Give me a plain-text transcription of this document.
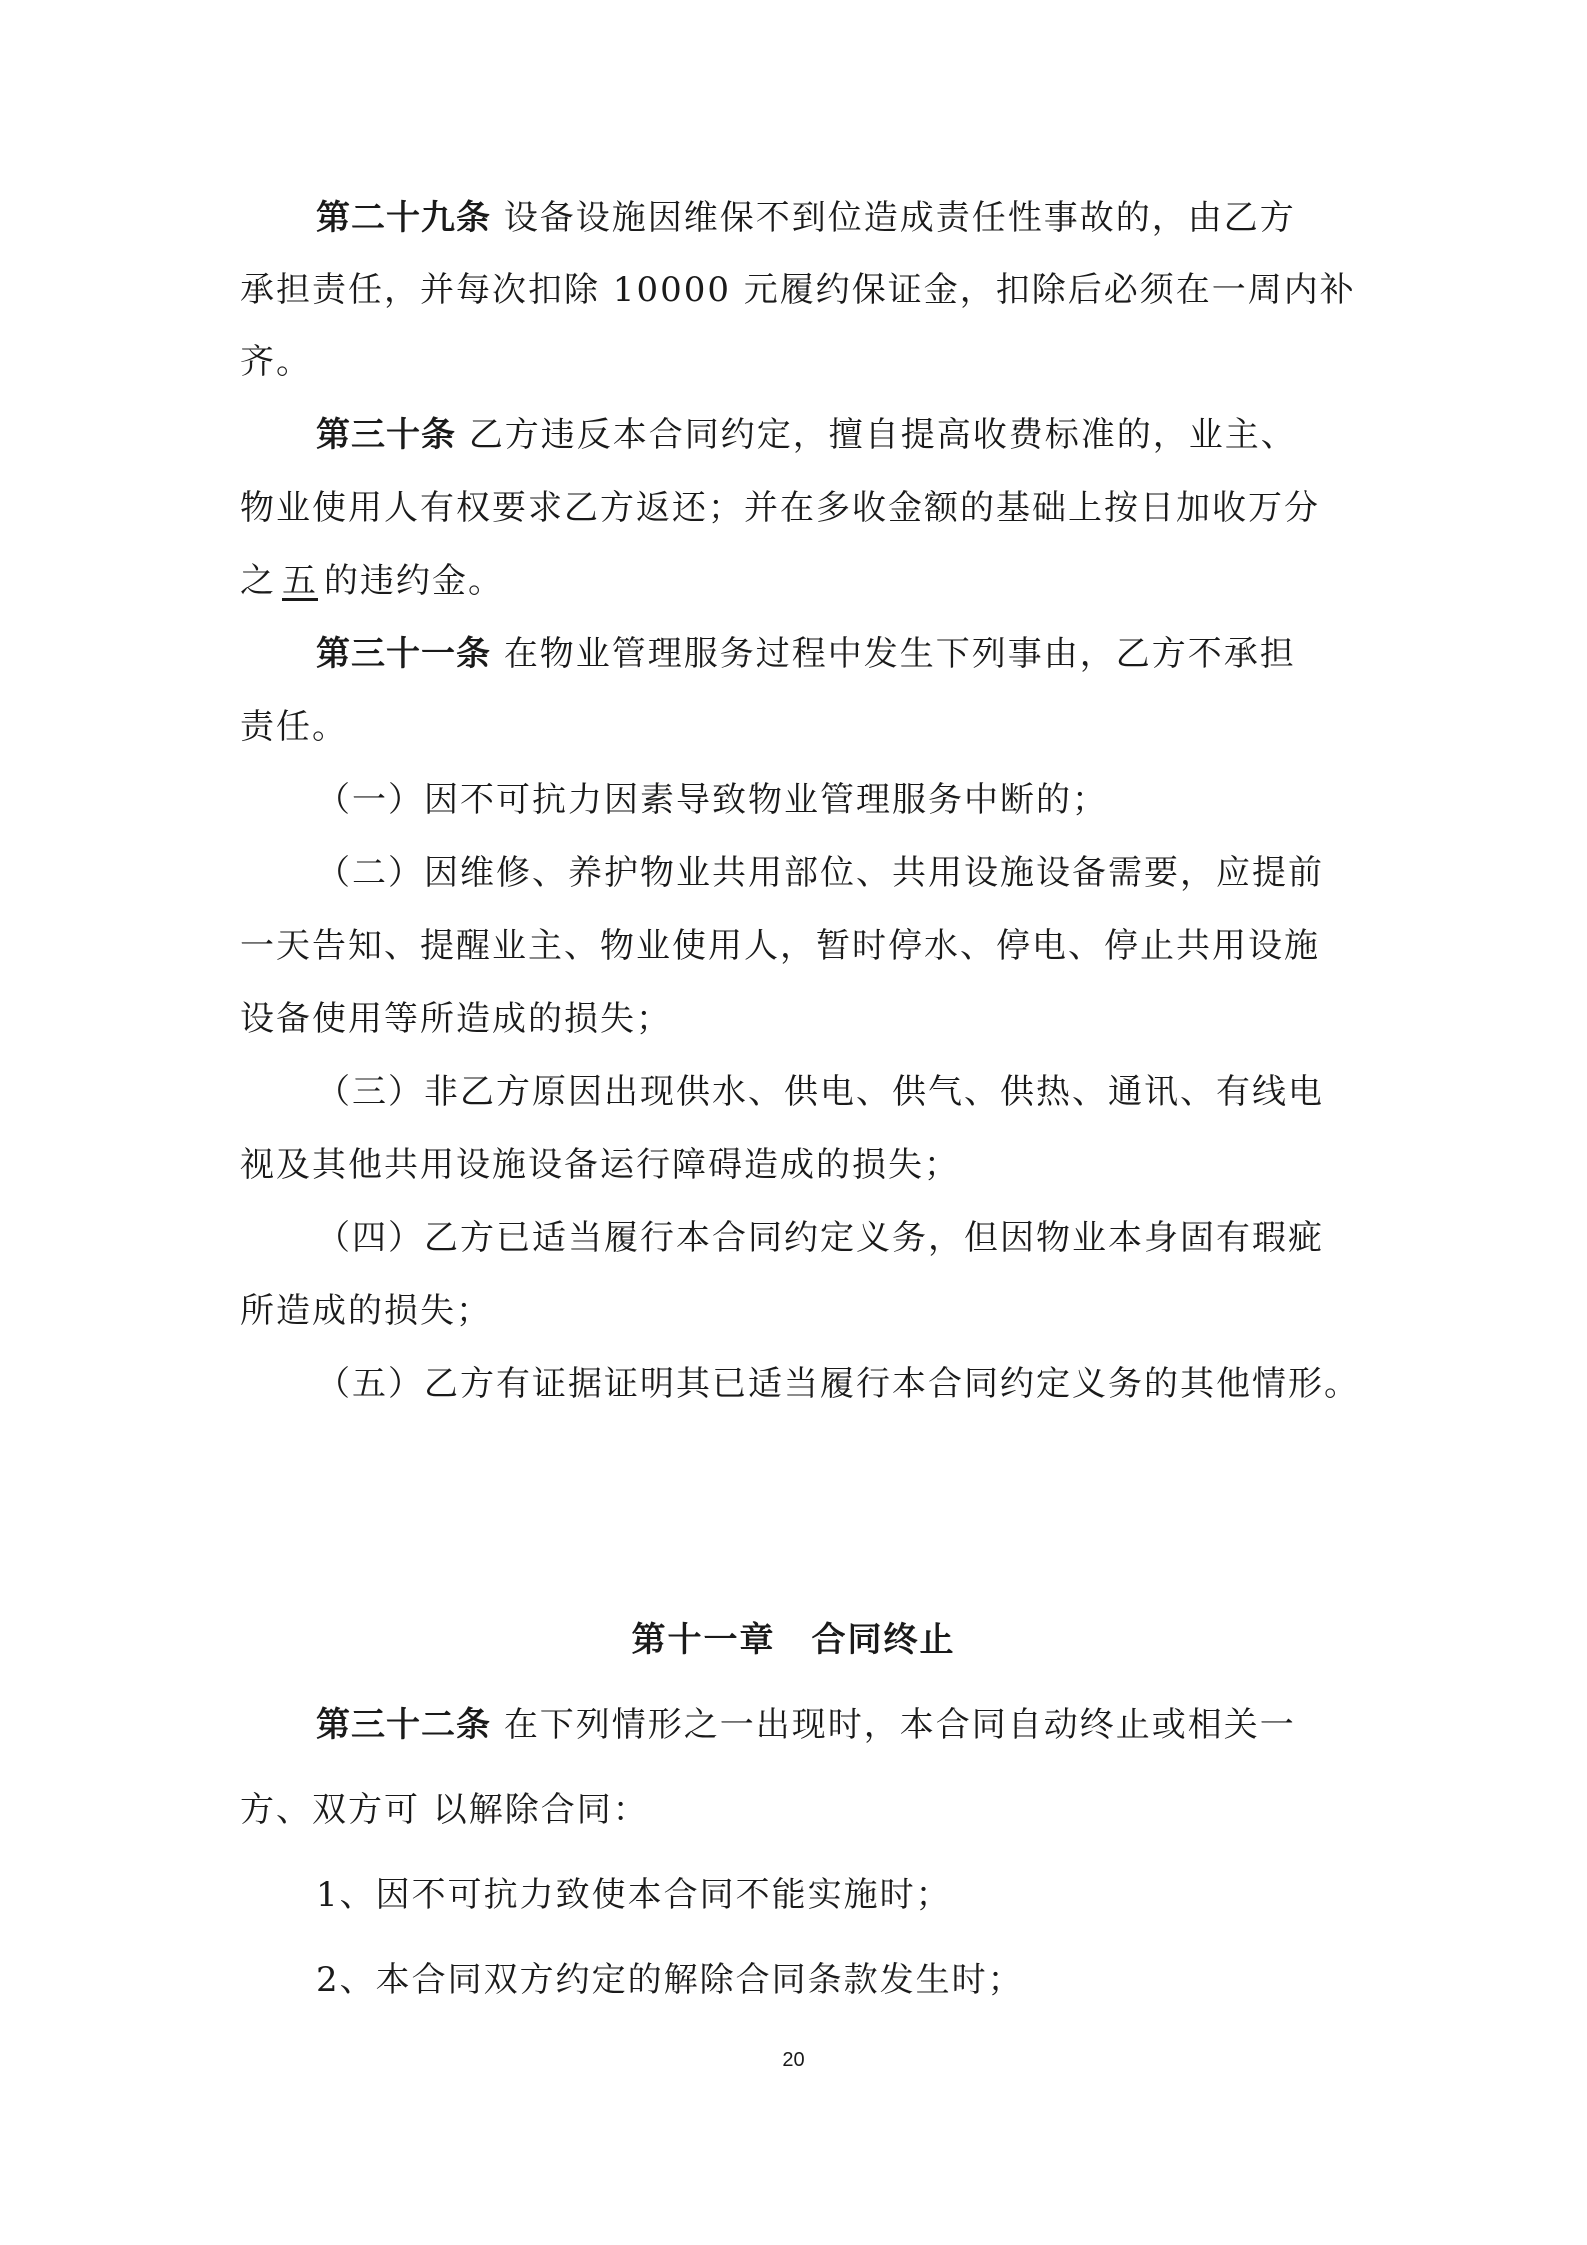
第二十九条 设备设施因维保不到位造成责任性事故的，由乙方
承担责任，并每次扣除 10000 元履约保证金，扣除后必须在一周内补
齐。
第三十条 乙方违反本合同约定，擅自提高收费标准的，业主、
物业使用人有权要求乙方返还；并在多收金额的基础上按日加收万分
之 五 的违约金。
第三十一条 在物业管理服务过程中发生下列事由，乙方不承担
责任。
（一）因不可抗力因素导致物业管理服务中断的；
（二）因维修、养护物业共用部位、共用设施设备需要，应提前
一天告知、提醒业主、物业使用人，暂时停水、停电、停止共用设施
设备使用等所造成的损失；
（三）非乙方原因出现供水、供电、供气、供热、通讯、有线电
视及其他共用设施设备运行障碍造成的损失；
（四）乙方已适当履行本合同约定义务，但因物业本身固有瑕疵
所造成的损失；
（五）乙方有证据证明其已适当履行本合同约定义务的其他情形。
第十一章　合同终止
第三十二条 在下列情形之一出现时，本合同自动终止或相关一
方、双方可 以解除合同：
1、因不可抗力致使本合同不能实施时；
2、本合同双方约定的解除合同条款发生时；
20
